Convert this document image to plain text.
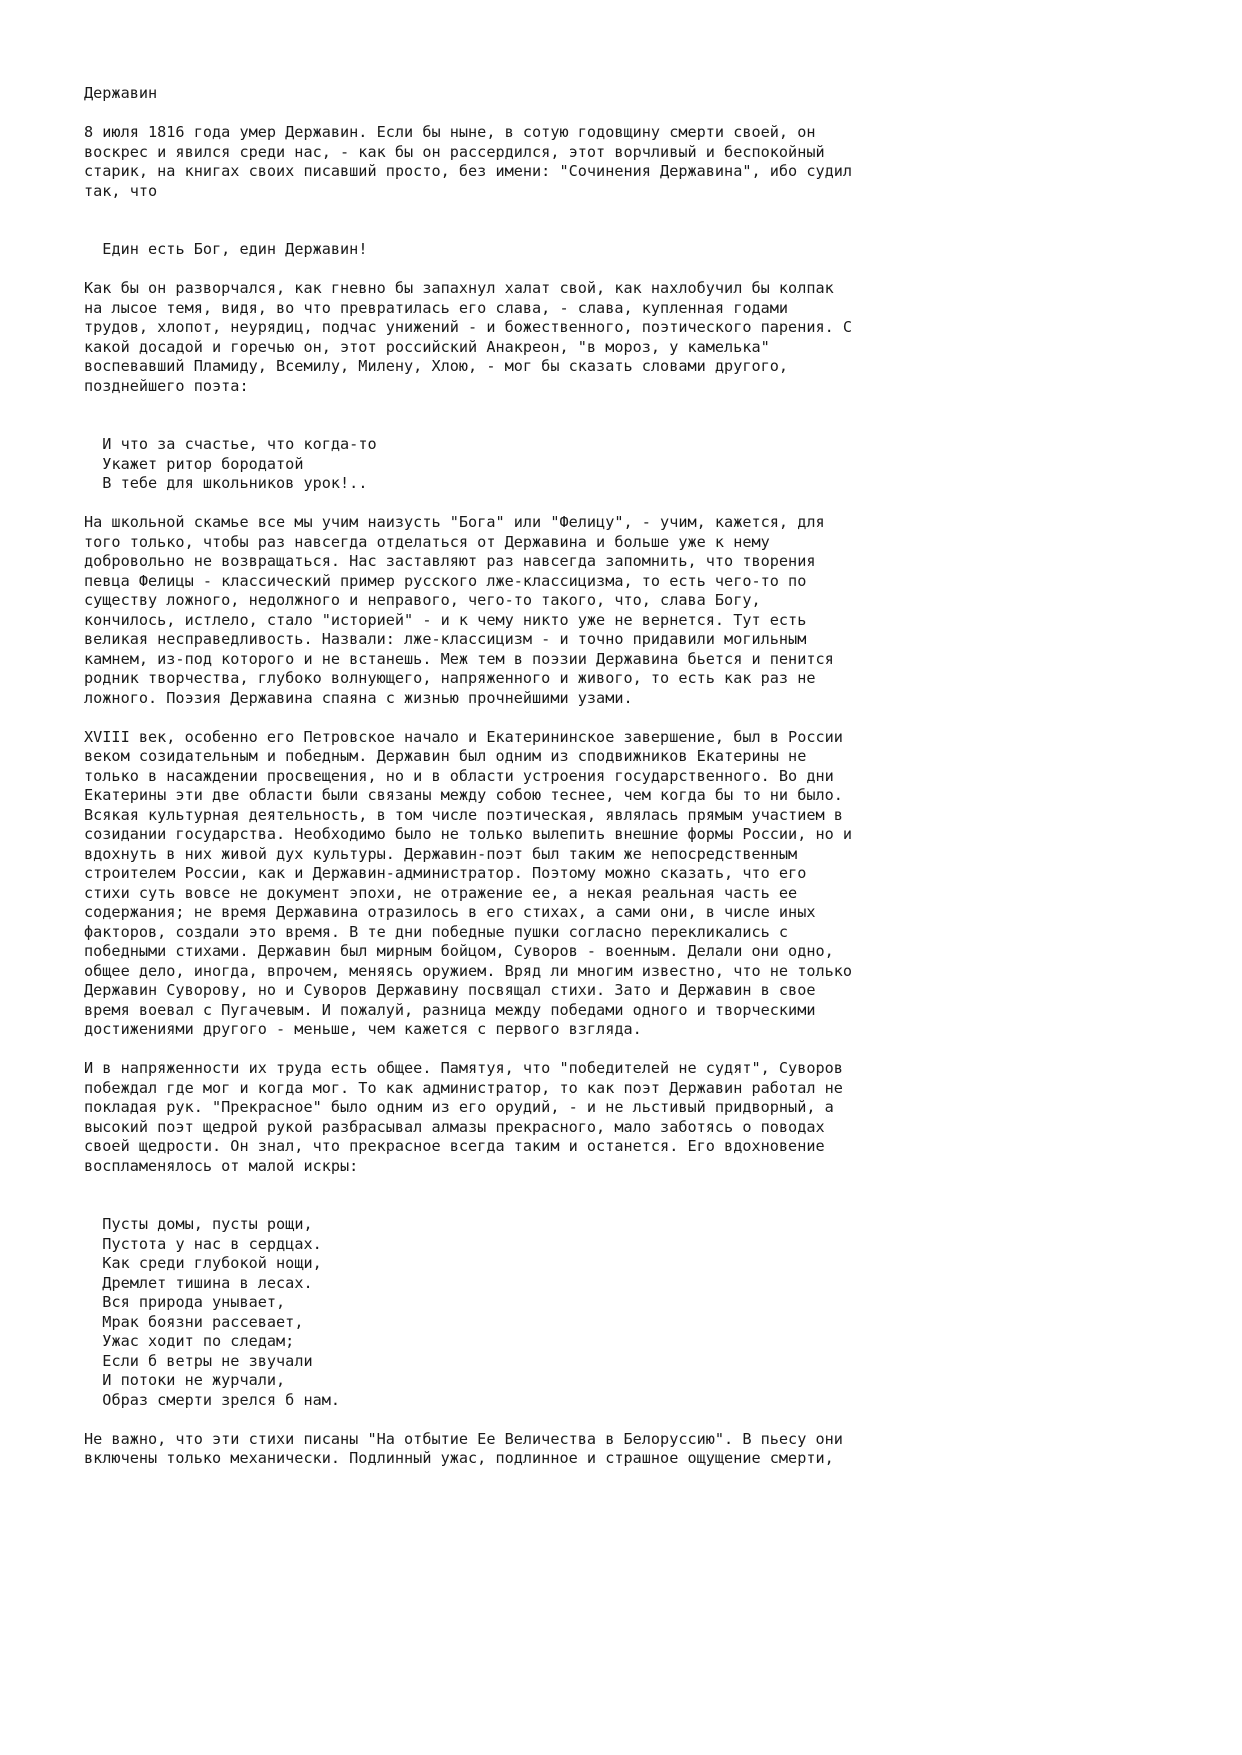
Державин
8 июля 1816 года умер Державин. Если бы ныне, в сотую годовщину смерти своей, он
воскрес и явился среди нас, - как бы он рассердился, этот ворчливый и беспокойный
старик, на книгах своих писавший просто, без имени: "Сочинения Державина", ибо судил
так, что
Един есть Бог, един Державин!
Как бы он разворчался, как гневно бы запахнул халат свой, как нахлобучил бы колпак
на лысое темя, видя, во что превратилась его слава, - слава, купленная годами
трудов, хлопот, неурядиц, подчас унижений - и божественного, поэтического парения. С
какой досадой и горечью он, этот российский Анакреон, "в мороз, у камелька"
воспевавший Пламиду, Всемилу, Милену, Хлою, - мог бы сказать словами другого,
позднейшего поэта:
И что за счастье, что когда-то
Укажет ритор бородатой
В тебе для школьников урок!..
На школьной скамье все мы учим наизусть "Бога" или "Фелицу", - учим, кажется, для
того только, чтобы раз навсегда отделаться от Державина и больше уже к нему
добровольно не возвращаться. Нас заставляют раз навсегда запомнить, что творения
певца Фелицы - классический пример русского лже-классицизма, то есть чего-то по
существу ложного, недолжного и неправого, чего-то такого, что, слава Богу,
кончилось, истлело, стало "историей" - и к чему никто уже не вернется. Тут есть
великая несправедливость. Назвали: лже-классицизм - и точно придавили могильным
камнем, из-под которого и не встанешь. Меж тем в поэзии Державина бьется и пенится
родник творчества, глубоко волнующего, напряженного и живого, то есть как раз не
ложного. Поэзия Державина спаяна с жизнью прочнейшими узами.
XVIII век, особенно его Петровское начало и Екатерининское завершение, был в России
веком созидательным и победным. Державин был одним из сподвижников Екатерины не
только в насаждении просвещения, но и в области устроения государственного. Во дни
Екатерины эти две области были связаны между собою теснее, чем когда бы то ни было.
Всякая культурная деятельность, в том числе поэтическая, являлась прямым участием в
созидании государства. Необходимо было не только вылепить внешние формы России, но и
вдохнуть в них живой дух культуры. Державин-поэт был таким же непосредственным
строителем России, как и Державин-администратор. Поэтому можно сказать, что его
стихи суть вовсе не документ эпохи, не отражение ее, а некая реальная часть ее
содержания; не время Державина отразилось в его стихах, а сами они, в числе иных
факторов, создали это время. В те дни победные пушки согласно перекликались с
победными стихами. Державин был мирным бойцом, Суворов - военным. Делали они одно,
общее дело, иногда, впрочем, меняясь оружием. Вряд ли многим известно, что не только
Державин Суворову, но и Суворов Державину посвящал стихи. Зато и Державин в свое
время воевал с Пугачевым. И пожалуй, разница между победами одного и творческими
достижениями другого - меньше, чем кажется с первого взгляда.
И в напряженности их труда есть общее. Памятуя, что "победителей не судят", Суворов
побеждал где мог и когда мог. То как администратор, то как поэт Державин работал не
покладая рук. "Прекрасное" было одним из его орудий, - и не льстивый придворный, а
высокий поэт щедрой рукой разбрасывал алмазы прекрасного, мало заботясь о поводах
своей щедрости. Он знал, что прекрасное всегда таким и останется. Его вдохновение
воспламенялось от малой искры:
Пусты домы, пусты рощи,
Пустота у нас в сердцах.
Как среди глубокой нощи,
Дремлет тишина в лесах.
Вся природа унывает,
Мрак боязни рассевает,
Ужас ходит по следам;
Если б ветры не звучали
И потоки не журчали,
Образ смерти зрелся б нам.
Не важно, что эти стихи писаны "На отбытие Ее Величества в Белоруссию". В пьесу они
включены только механически. Подлинный ужас, подлинное и страшное ощущение смерти,
